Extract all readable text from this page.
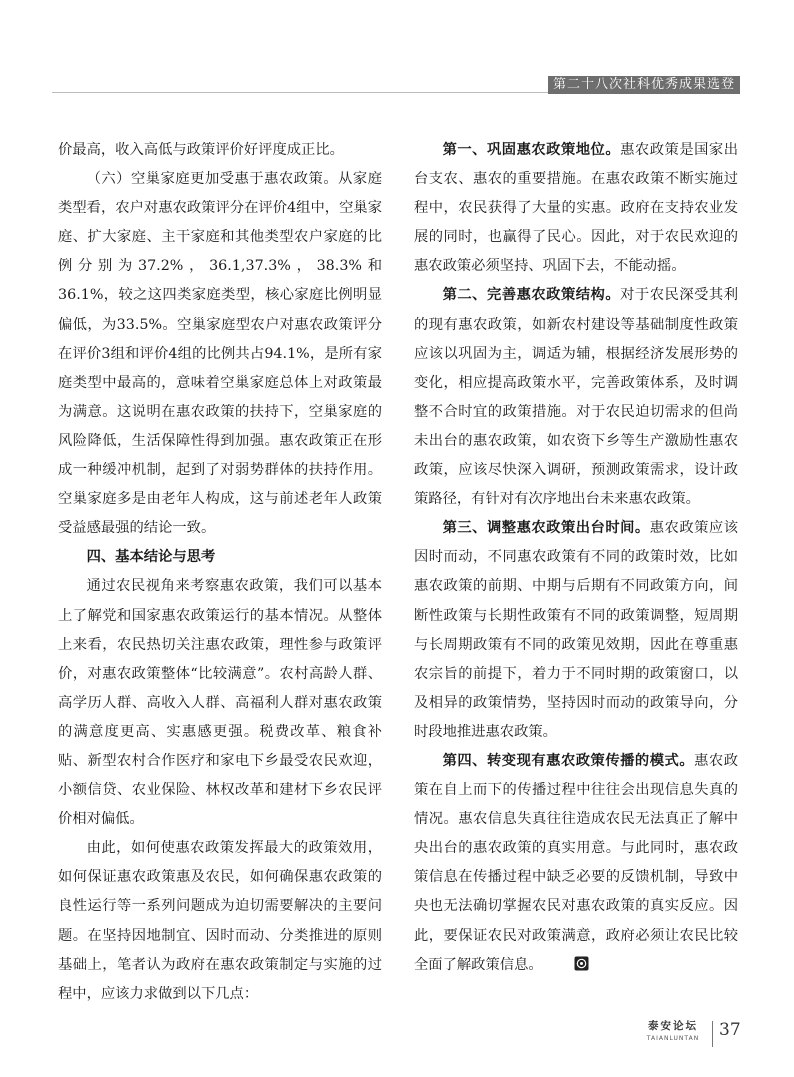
第二十八次社科优秀成果选登

价最高，收入高低与政策评价好评度成正比。

（六）空巢家庭更加受惠于惠农政策。从家庭类型看，农户对惠农政策评分在评价4组中，空巢家庭、扩大家庭、主干家庭和其他类型农户家庭的比例分别为37.2%，36.1,37.3%，38.3%和36.1%，较之这四类家庭类型，核心家庭比例明显偏低，为33.5%。空巢家庭型农户对惠农政策评分在评价3组和评价4组的比例共占94.1%，是所有家庭类型中最高的，意味着空巢家庭总体上对政策最为满意。这说明在惠农政策的扶持下，空巢家庭的风险降低，生活保障性得到加强。惠农政策正在形成一种缓冲机制，起到了对弱势群体的扶持作用。空巢家庭多是由老年人构成，这与前述老年人政策受益感最强的结论一致。

四、基本结论与思考

通过农民视角来考察惠农政策，我们可以基本上了解党和国家惠农政策运行的基本情况。从整体上来看，农民热切关注惠农政策，理性参与政策评价，对惠农政策整体“比较满意”。农村高龄人群、高学历人群、高收入人群、高福利人群对惠农政策的满意度更高、实惠感更强。税费改革、粮食补贴、新型农村合作医疗和家电下乡最受农民欢迎，小额信贷、农业保险、林权改革和建材下乡农民评价相对偏低。

由此，如何使惠农政策发挥最大的政策效用，如何保证惠农政策惠及农民，如何确保惠农政策的良性运行等一系列问题成为迫切需要解决的主要问题。在坚持因地制宜、因时而动、分类推进的原则基础上，笔者认为政府在惠农政策制定与实施的过程中，应该力求做到以下几点：

第一、巩固惠农政策地位。惠农政策是国家出台支农、惠农的重要措施。在惠农政策不断实施过程中，农民获得了大量的实惠。政府在支持农业发展的同时，也赢得了民心。因此，对于农民欢迎的惠农政策必须坚持、巩固下去，不能动摇。

第二、完善惠农政策结构。对于农民深受其利的现有惠农政策，如新农村建设等基础制度性政策应该以巩固为主，调适为辅，根据经济发展形势的变化，相应提高政策水平，完善政策体系，及时调整不合时宜的政策措施。对于农民迫切需求的但尚未出台的惠农政策，如农资下乡等生产激励性惠农政策，应该尽快深入调研，预测政策需求，设计政策路径，有针对有次序地出台未来惠农政策。

第三、调整惠农政策出台时间。惠农政策应该因时而动，不同惠农政策有不同的政策时效，比如惠农政策的前期、中期与后期有不同政策方向，间断性政策与长期性政策有不同的政策调整，短周期与长周期政策有不同的政策见效期，因此在尊重惠农宗旨的前提下，着力于不同时期的政策窗口，以及相异的政策情势，坚持因时而动的政策导向，分时段地推进惠农政策。

第四、转变现有惠农政策传播的模式。惠农政策在自上而下的传播过程中往往会出现信息失真的情况。惠农信息失真往往造成农民无法真正了解中央出台的惠农政策的真实用意。与此同时，惠农政策信息在传播过程中缺乏必要的反馈机制，导致中央也无法确切掌握农民对惠农政策的真实反应。因此，要保证农民对政策满意，政府必须让农民比较全面了解政策信息。

泰安论坛
TAIANLUNTAN	37
